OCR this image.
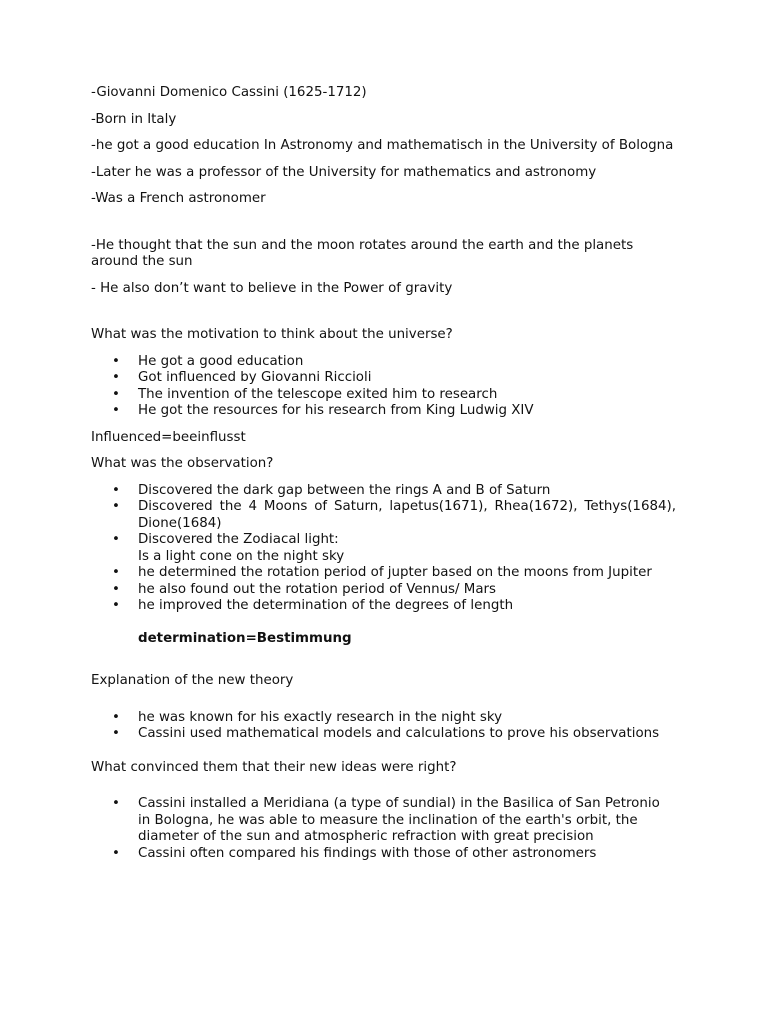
-Giovanni Domenico Cassini (1625-1712)

-Born in Italy

-he got a good education In Astronomy and mathematisch in the University of Bologna

-Later he was a professor of the University for mathematics and astronomy

-Was a French astronomer

-He thought that the sun and the moon rotates around the earth and the planets around the sun

- He also don’t want to believe in the Power of gravity

What was the motivation to think about the universe?

• He got a good education
• Got influenced by Giovanni Riccioli
• The invention of the telescope exited him to research
• He got the resources for his research from King Ludwig XIV

Influenced=beeinflusst

What was the observation?

• Discovered the dark gap between the rings A and B of Saturn
• Discovered the 4 Moons of Saturn, lapetus(1671), Rhea(1672), Tethys(1684), Dione(1684)
• Discovered the Zodiacal light:
Is a light cone on the night sky
• he determined the rotation period of jupter based on the moons from Jupiter
• he also found out the rotation period of Vennus/ Mars
• he improved the determination of the degrees of length

determination=Bestimmung

Explanation of the new theory

• he was known for his exactly research in the night sky
• Cassini used mathematical models and calculations to prove his observations

What convinced them that their new ideas were right?

• Cassini installed a Meridiana (a type of sundial) in the Basilica of San Petronio in Bologna, he was able to measure the inclination of the earth's orbit, the diameter of the sun and atmospheric refraction with great precision
• Cassini often compared his findings with those of other astronomers
